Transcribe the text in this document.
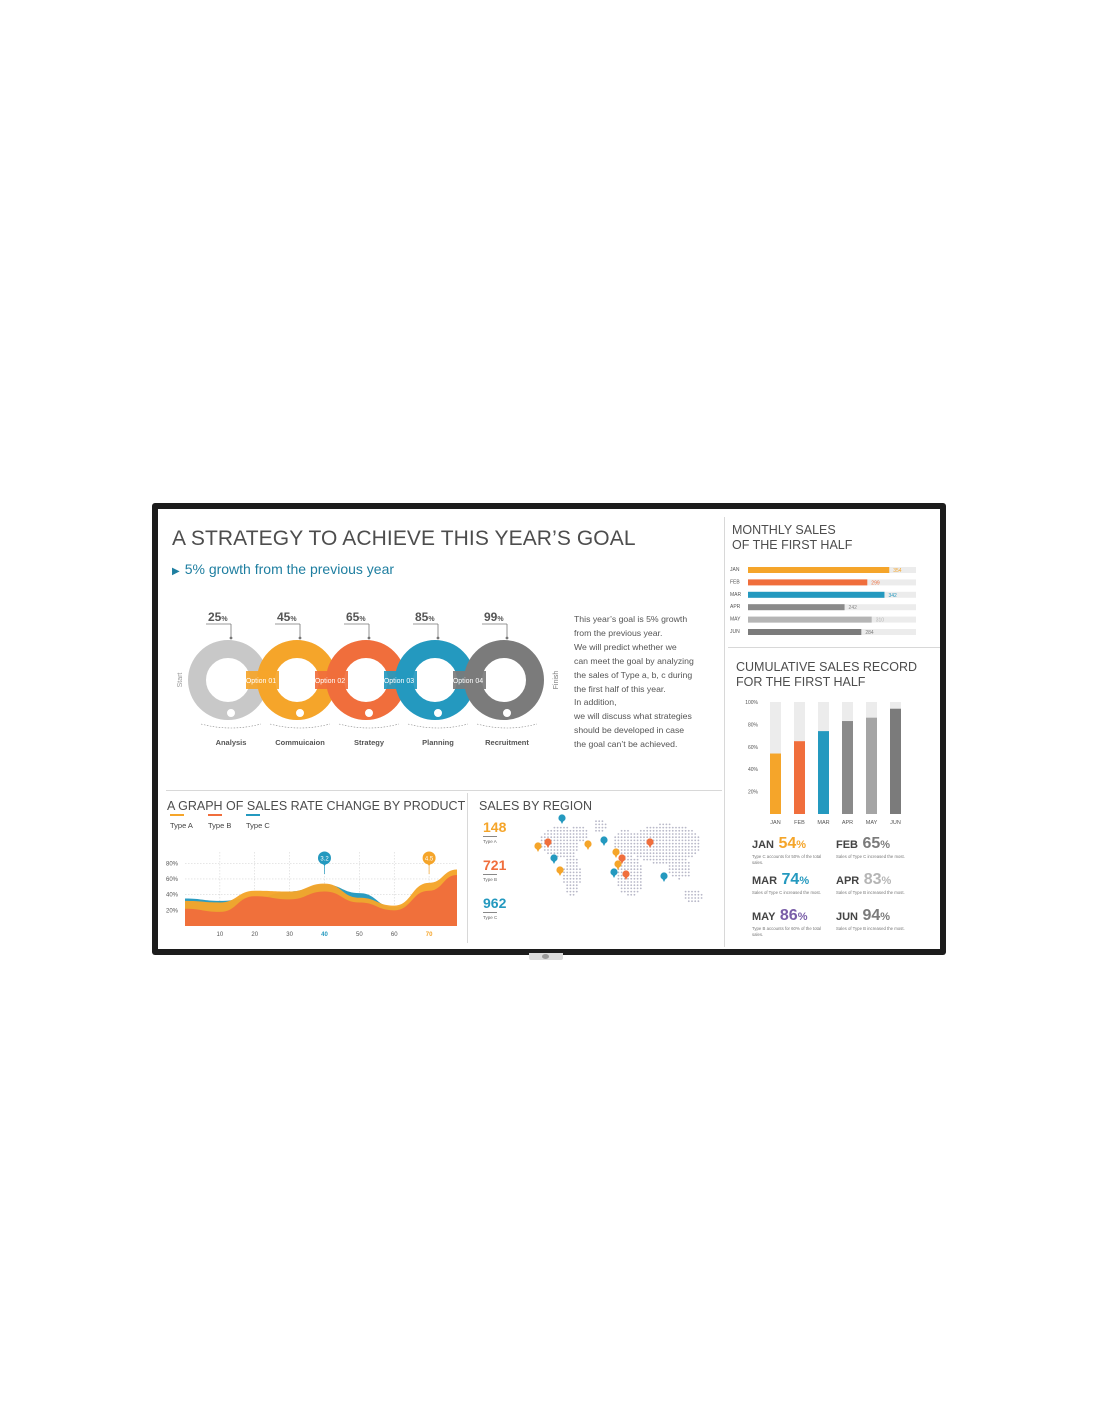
A STRATEGY TO ACHIEVE THIS YEAR’S GOAL
▶ 5% growth from the previous year
Start
25%
Analysis
45%
Option 01
Commuicaion
65%
Option 02
Strategy
85%
Option 03
Planning
99%
Option 04
Recruitment
Finish
This year’s goal is 5% growth
from the previous year.
We will predict whether we
can meet the goal by analyzing
the sales of Type a, b, c during
the first half of this year.
In addition,
we will discuss what strategies
should be developed in case
the goal can’t be achieved.
MONTHLY SALES
OF THE FIRST HALF
JAN	354
FEB	299
MAR	342
APR	242
MAY	310
JUN	284
CUMULATIVE SALES RECORD
FOR THE FIRST HALF
20%
40%
60%
80%
100%
JAN FEB MAR APR MAY JUN
JAN 54%
Type C accounts for 50% of the total sales.
FEB 65%
Sales of Type C increased the most.
MAR 74%
Sales of Type C increased the most.
APR 83%
Sales of Type B increased the most.
MAY 86%
Type B accounts for 60% of the total sales.
JUN 94%
Sales of Type B increased the most.
A GRAPH OF SALES RATE CHANGE BY PRODUCT
Type A Type B Type C
20%
40%
60%
80%
10	20	30	40	50	60	70
3.2	4.5
SALES BY REGION
148
Type A
721
Type B
962
Type C
